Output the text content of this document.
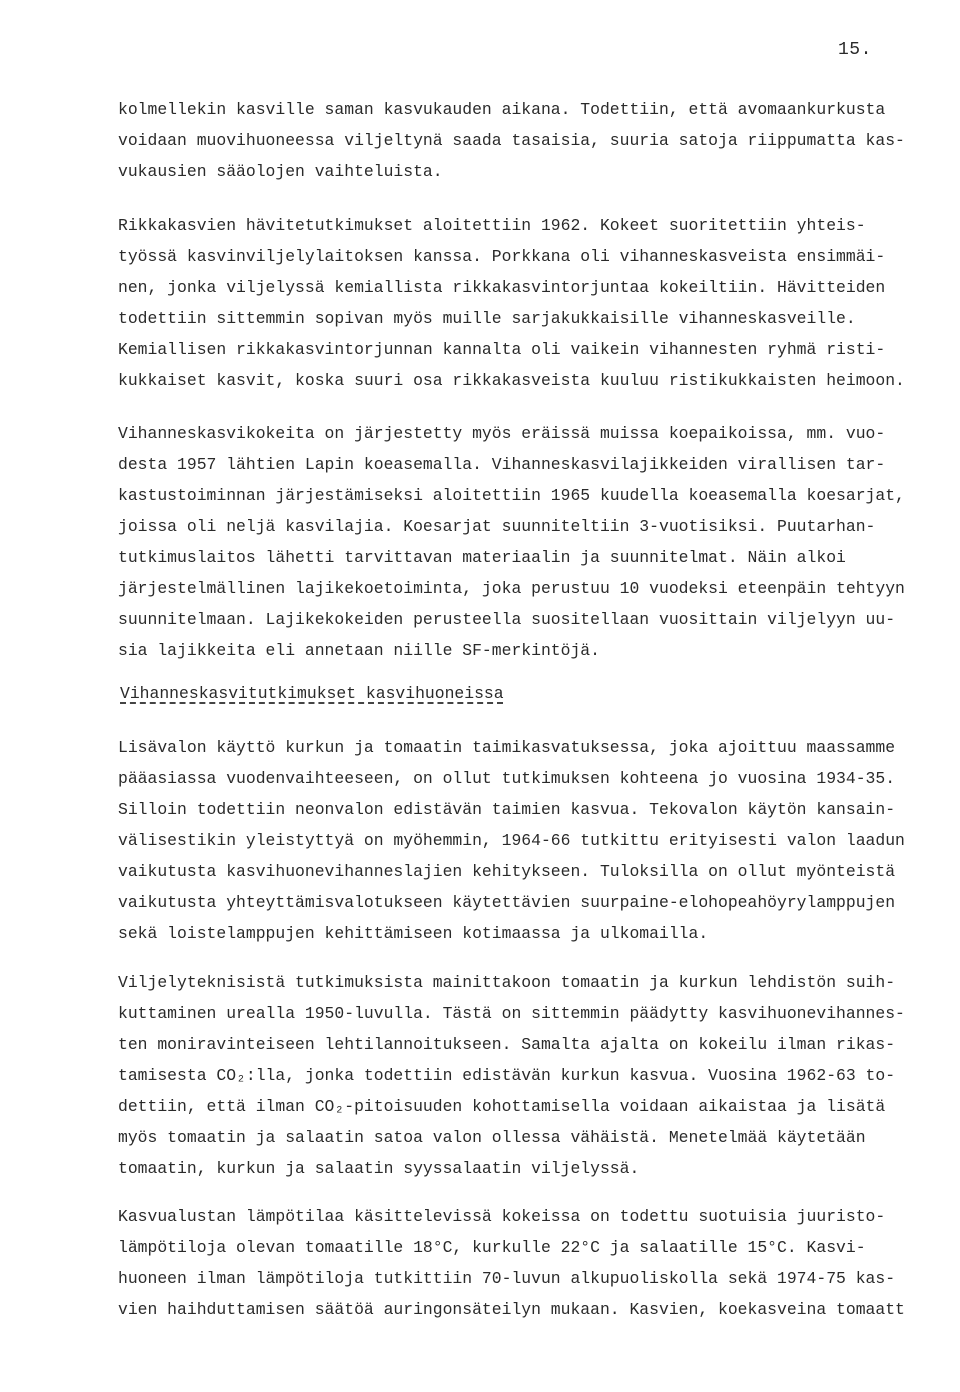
15.
kolmellekin kasville saman kasvukauden aikana. Todettiin, että avomaankurkusta
voidaan muovihuoneessa viljeltynä saada tasaisia, suuria satoja riippumatta kas-
vukausien sääolojen vaihteluista.
Rikkakasvien hävitetutkimukset aloitettiin 1962. Kokeet suoritettiin yhteis-
työssä kasvinviljelylaitoksen kanssa. Porkkana oli vihanneskasveista ensimmäi-
nen, jonka viljelyssä kemiallista rikkakasvintorjuntaa kokeiltiin. Hävitteiden
todettiin sittemmin sopivan myös muille sarjakukkaisille vihanneskasveille.
Kemiallisen rikkakasvintorjunnan kannalta oli vaikein vihannesten ryhmä risti-
kukkaiset kasvit, koska suuri osa rikkakasveista kuuluu ristikukkaisten heimoon.
Vihanneskasvikokeita on järjestetty myös eräissä muissa koepaikoissa, mm. vuo-
desta 1957 lähtien Lapin koeasemalla. Vihanneskasvilajikkeiden virallisen tar-
kastustoiminnan järjestämiseksi aloitettiin 1965 kuudella koeasemalla koesarjat,
joissa oli neljä kasvilajia. Koesarjat suunniteltiin 3-vuotisiksi. Puutarhan-
tutkimuslaitos lähetti tarvittavan materiaalin ja suunnitelmat. Näin alkoi
järjestelmällinen lajikekoetoiminta, joka perustuu 10 vuodeksi eteenpäin tehtyyn
suunnitelmaan. Lajikekokeiden perusteella suositellaan vuosittain viljelyyn uu-
sia lajikkeita eli annetaan niille SF-merkintöjä.
Vihanneskasvitutkimukset kasvihuoneissa
Lisävalon käyttö kurkun ja tomaatin taimikasvatuksessa, joka ajoittuu maassamme
pääasiassa vuodenvaihteeseen, on ollut tutkimuksen kohteena jo vuosina 1934-35.
Silloin todettiin neonvalon edistävän taimien kasvua. Tekovalon käytön kansain-
välisestikin yleistyttyä on myöhemmin, 1964-66 tutkittu erityisesti valon laadun
vaikutusta kasvihuonevihanneslajien kehitykseen. Tuloksilla on ollut myönteistä
vaikutusta yhteyttämisvalotukseen käytettävien suurpaine-elohopeahöyrylamppujen
sekä loistelamppujen kehittämiseen kotimaassa ja ulkomailla.
Viljelyteknisistä tutkimuksista mainittakoon tomaatin ja kurkun lehdistön suih-
kuttaminen urealla 1950-luvulla. Tästä on sittemmin päädytty kasvihuonevihannes-
ten moniravinteiseen lehtilannoitukseen. Samalta ajalta on kokeilu ilman rikas-
tamisesta CO₂:lla, jonka todettiin edistävän kurkun kasvua. Vuosina 1962-63 to-
dettiin, että ilman CO₂-pitoisuuden kohottamisella voidaan aikaistaa ja lisätä
myös tomaatin ja salaatin satoa valon ollessa vähäistä. Menetelmää käytetään
tomaatin, kurkun ja salaatin syyssalaatin viljelyssä.
Kasvualustan lämpötilaa käsittelevissä kokeissa on todettu suotuisia juuristo-
lämpötiloja olevan tomaatille 18°C, kurkulle 22°C ja salaatille 15°C. Kasvi-
huoneen ilman lämpötiloja tutkittiin 70-luvun alkupuoliskolla sekä 1974-75 kas-
vien haihduttamisen säätöä auringonsäteilyn mukaan. Kasvien, koekasveina tomaatt
